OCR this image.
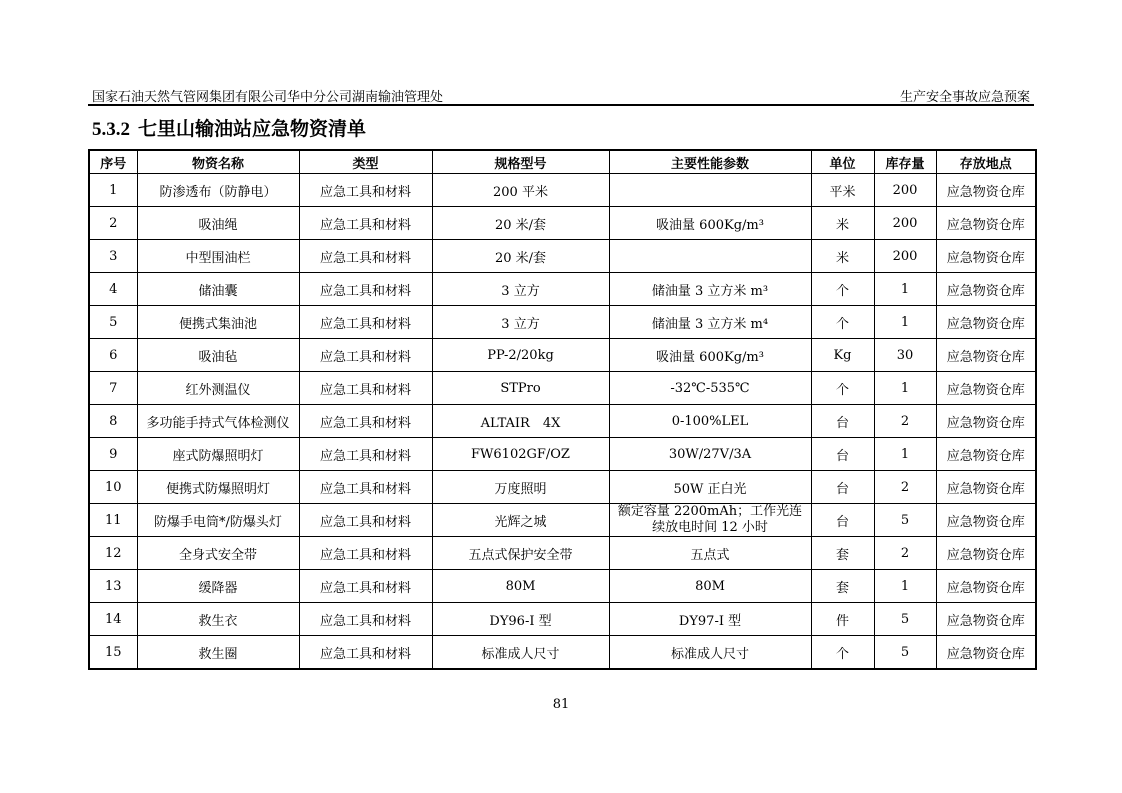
国家石油天然气管网集团有限公司华中分公司湖南输油管理处	生产安全事故应急预案
5.3.2 七里山输油站应急物资清单
序号	物资名称	类型	规格型号	主要性能参数	单位	库存量	存放地点
1	防渗透布（防静电）	应急工具和材料	200 平米		平米	200	应急物资仓库
2	吸油绳	应急工具和材料	20 米/套	吸油量 600Kg/m³	米	200	应急物资仓库
3	中型围油栏	应急工具和材料	20 米/套		米	200	应急物资仓库
4	储油囊	应急工具和材料	3 立方	储油量 3 立方米 m³	个	1	应急物资仓库
5	便携式集油池	应急工具和材料	3 立方	储油量 3 立方米 m⁴	个	1	应急物资仓库
6	吸油毡	应急工具和材料	PP-2/20kg	吸油量 600Kg/m³	Kg	30	应急物资仓库
7	红外测温仪	应急工具和材料	STPro	-32℃-535℃	个	1	应急物资仓库
8	多功能手持式气体检测仪	应急工具和材料	ALTAIR　4X	0-100%LEL	台	2	应急物资仓库
9	座式防爆照明灯	应急工具和材料	FW6102GF/OZ	30W/27V/3A	台	1	应急物资仓库
10	便携式防爆照明灯	应急工具和材料	万度照明	50W 正白光	台	2	应急物资仓库
11	防爆手电筒*/防爆头灯	应急工具和材料	光辉之城	额定容量 2200mAh；工作光连续放电时间 12 小时	台	5	应急物资仓库
12	全身式安全带	应急工具和材料	五点式保护安全带	五点式	套	2	应急物资仓库
13	缓降器	应急工具和材料	80M	80M	套	1	应急物资仓库
14	救生衣	应急工具和材料	DY96-I 型	DY97-I 型	件	5	应急物资仓库
15	救生圈	应急工具和材料	标准成人尺寸	标准成人尺寸	个	5	应急物资仓库
81
